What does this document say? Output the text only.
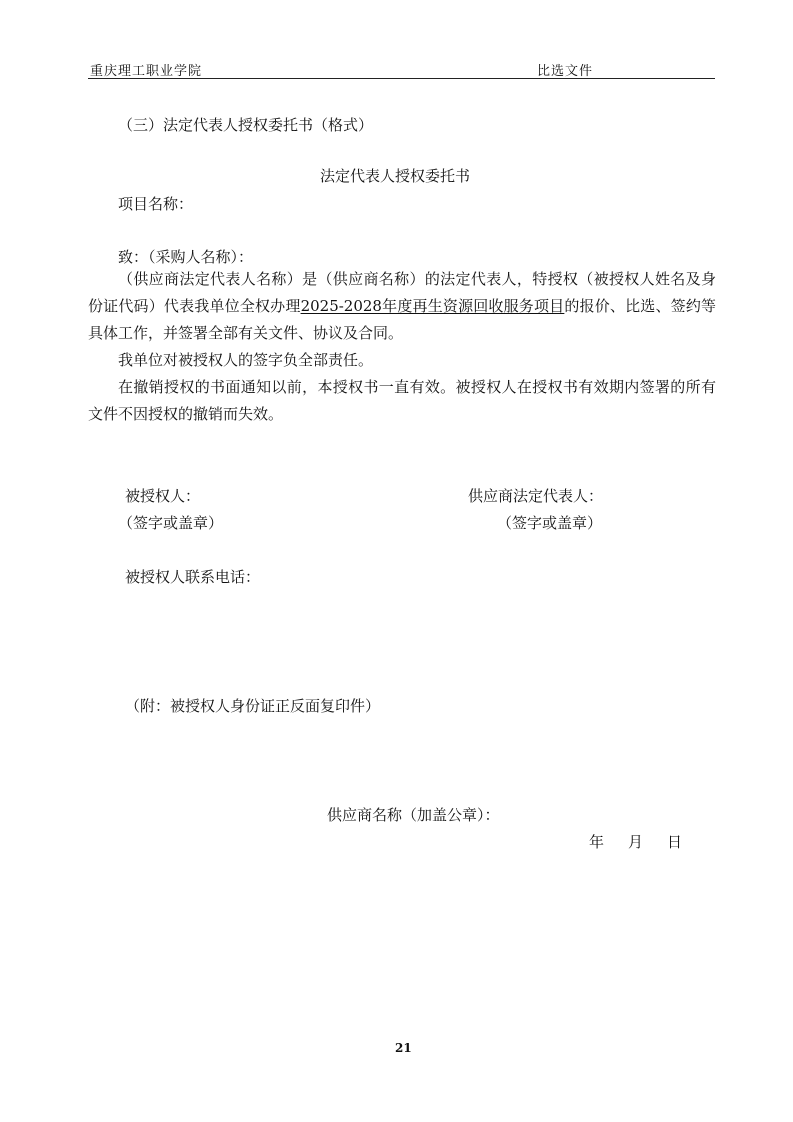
重庆理工职业学院	比选文件
（三）法定代表人授权委托书（格式）
法定代表人授权委托书
项目名称：
致：（采购人名称）：

（供应商法定代表人名称）是（供应商名称）的法定代表人，特授权（被授权人姓名及身份证代码）代表我单位全权办理2025-2028年度再生资源回收服务项目的报价、比选、签约等具体工作，并签署全部有关文件、协议及合同。

我单位对被授权人的签字负全部责任。

在撤销授权的书面通知以前，本授权书一直有效。被授权人在授权书有效期内签署的所有文件不因授权的撤销而失效。

被授权人：
（签字或盖章）
供应商法定代表人：
（签字或盖章）
被授权人联系电话：
（附：被授权人身份证正反面复印件）
供应商名称（加盖公章）：
年 月 日
21
